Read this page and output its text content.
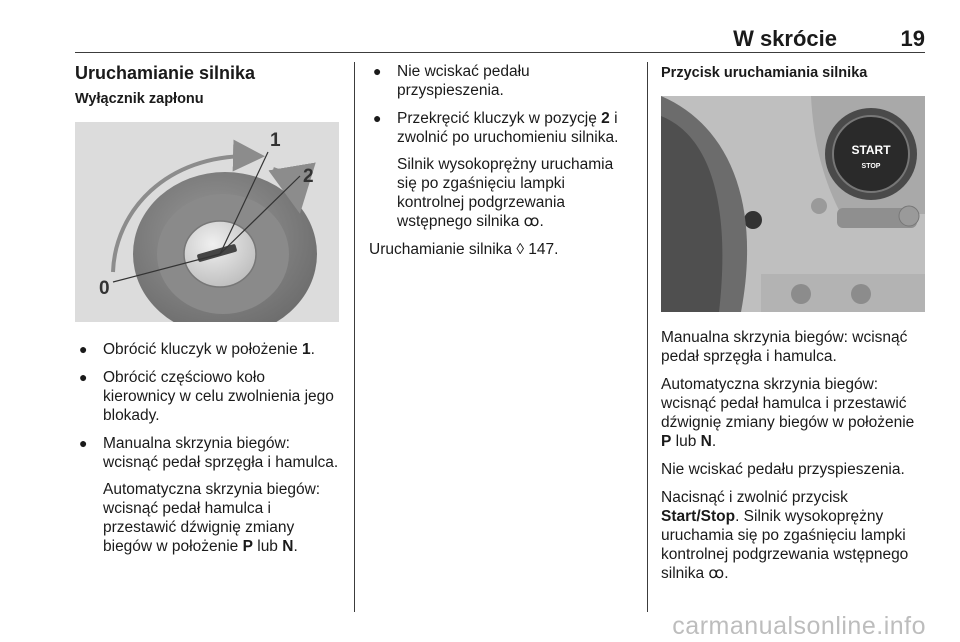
W skrócie	19
Uruchamianie silnika
Wyłącznik zapłonu
1
2
0
● Obrócić kluczyk w położenie 1.
● Obrócić częściowo koło kierownicy w celu zwolnienia jego blokady.
● Manualna skrzynia biegów: wcisnąć pedał sprzęgła i hamulca.

Automatyczna skrzynia biegów: wcisnąć pedał hamulca i przestawić dźwignię zmiany biegów w położenie P lub N.

● Nie wciskać pedału przyspieszenia.
● Przekręcić kluczyk w pozycję 2 i zwolnić po uruchomieniu silnika.

Silnik wysokoprężny uruchamia się po zgaśnięciu lampki kontrolnej podgrzewania wstępnego silnika ꝏ.

Uruchamianie silnika ◊ 147.

Przycisk uruchamiania silnika
START
STOP

Manualna skrzynia biegów: wcisnąć pedał sprzęgła i hamulca.

Automatyczna skrzynia biegów: wcisnąć pedał hamulca i przestawić dźwignię zmiany biegów w położenie P lub N.

Nie wciskać pedału przyspieszenia.

Nacisnąć i zwolnić przycisk Start/Stop. Silnik wysokoprężny uruchamia się po zgaśnięciu lampki kontrolnej podgrzewania wstępnego silnika ꝏ.

carmanualsonline.info
